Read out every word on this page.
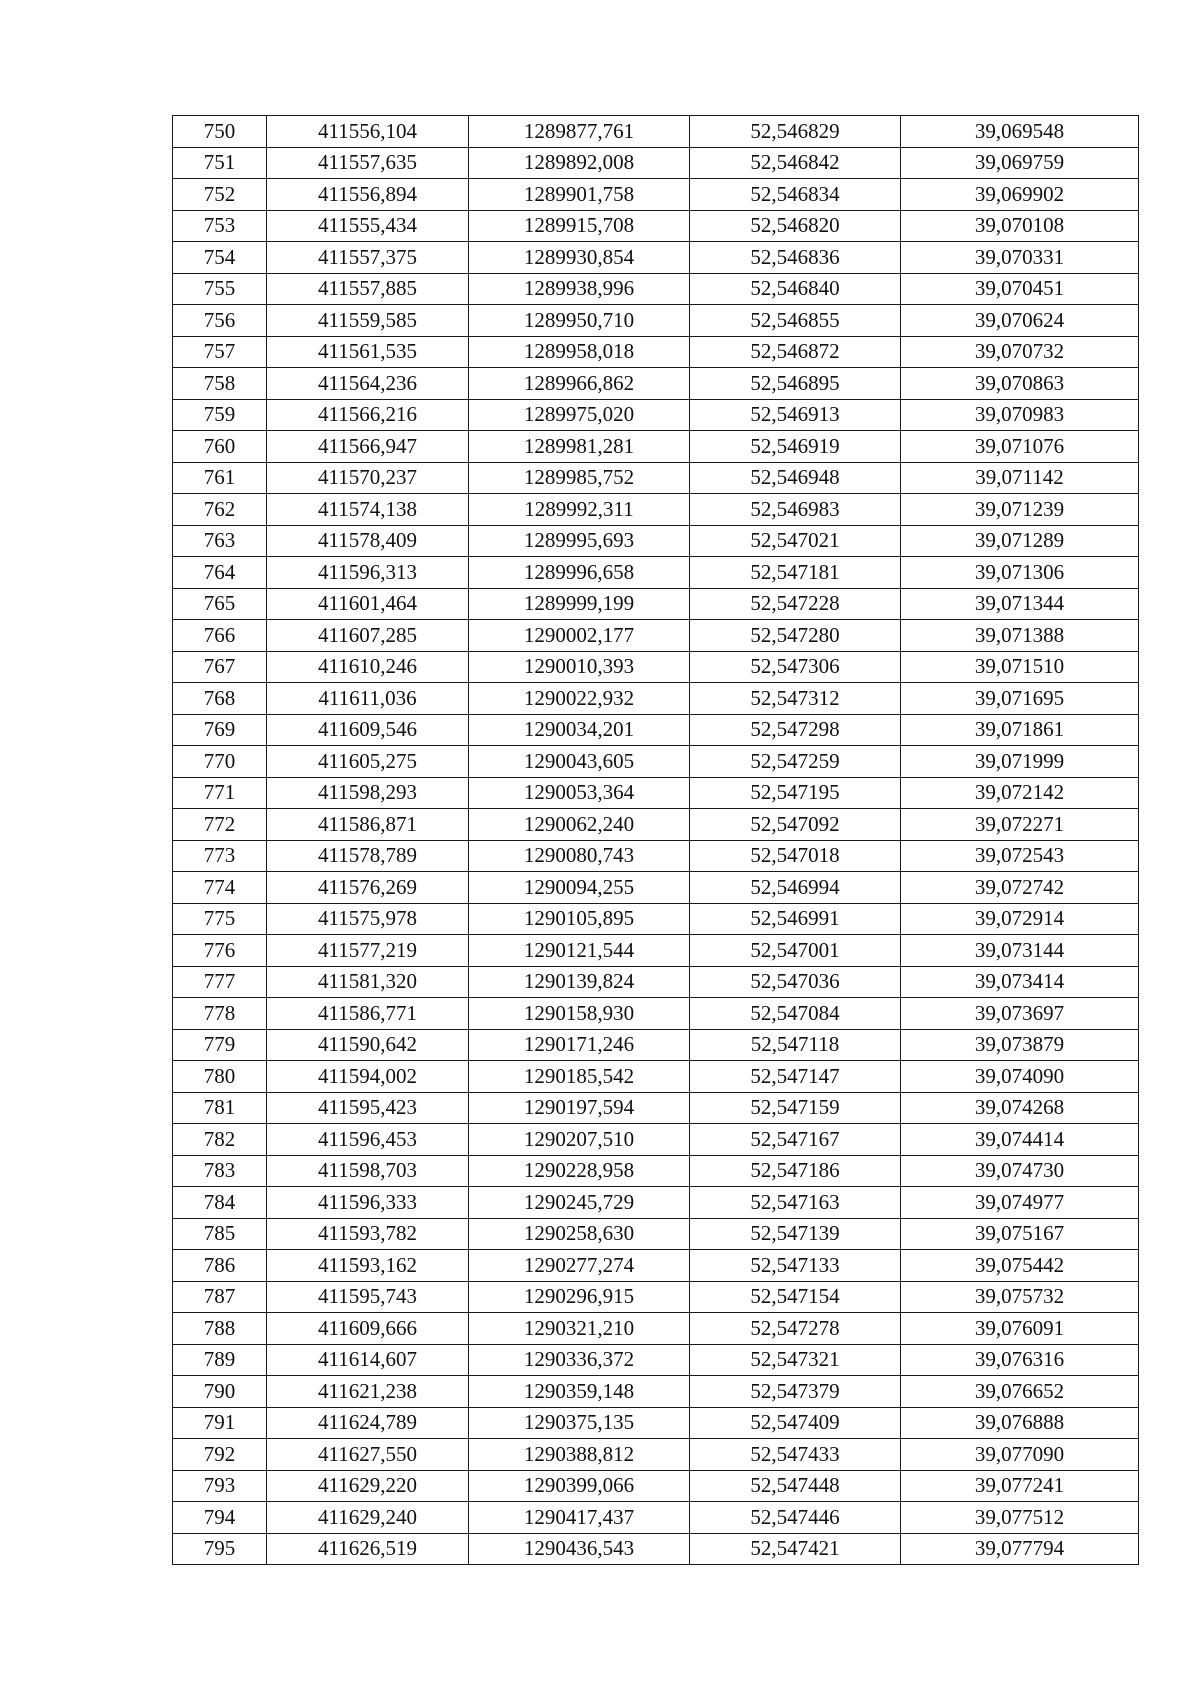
750	411556,104	1289877,761	52,546829	39,069548
751	411557,635	1289892,008	52,546842	39,069759
752	411556,894	1289901,758	52,546834	39,069902
753	411555,434	1289915,708	52,546820	39,070108
754	411557,375	1289930,854	52,546836	39,070331
755	411557,885	1289938,996	52,546840	39,070451
756	411559,585	1289950,710	52,546855	39,070624
757	411561,535	1289958,018	52,546872	39,070732
758	411564,236	1289966,862	52,546895	39,070863
759	411566,216	1289975,020	52,546913	39,070983
760	411566,947	1289981,281	52,546919	39,071076
761	411570,237	1289985,752	52,546948	39,071142
762	411574,138	1289992,311	52,546983	39,071239
763	411578,409	1289995,693	52,547021	39,071289
764	411596,313	1289996,658	52,547181	39,071306
765	411601,464	1289999,199	52,547228	39,071344
766	411607,285	1290002,177	52,547280	39,071388
767	411610,246	1290010,393	52,547306	39,071510
768	411611,036	1290022,932	52,547312	39,071695
769	411609,546	1290034,201	52,547298	39,071861
770	411605,275	1290043,605	52,547259	39,071999
771	411598,293	1290053,364	52,547195	39,072142
772	411586,871	1290062,240	52,547092	39,072271
773	411578,789	1290080,743	52,547018	39,072543
774	411576,269	1290094,255	52,546994	39,072742
775	411575,978	1290105,895	52,546991	39,072914
776	411577,219	1290121,544	52,547001	39,073144
777	411581,320	1290139,824	52,547036	39,073414
778	411586,771	1290158,930	52,547084	39,073697
779	411590,642	1290171,246	52,547118	39,073879
780	411594,002	1290185,542	52,547147	39,074090
781	411595,423	1290197,594	52,547159	39,074268
782	411596,453	1290207,510	52,547167	39,074414
783	411598,703	1290228,958	52,547186	39,074730
784	411596,333	1290245,729	52,547163	39,074977
785	411593,782	1290258,630	52,547139	39,075167
786	411593,162	1290277,274	52,547133	39,075442
787	411595,743	1290296,915	52,547154	39,075732
788	411609,666	1290321,210	52,547278	39,076091
789	411614,607	1290336,372	52,547321	39,076316
790	411621,238	1290359,148	52,547379	39,076652
791	411624,789	1290375,135	52,547409	39,076888
792	411627,550	1290388,812	52,547433	39,077090
793	411629,220	1290399,066	52,547448	39,077241
794	411629,240	1290417,437	52,547446	39,077512
795	411626,519	1290436,543	52,547421	39,077794
